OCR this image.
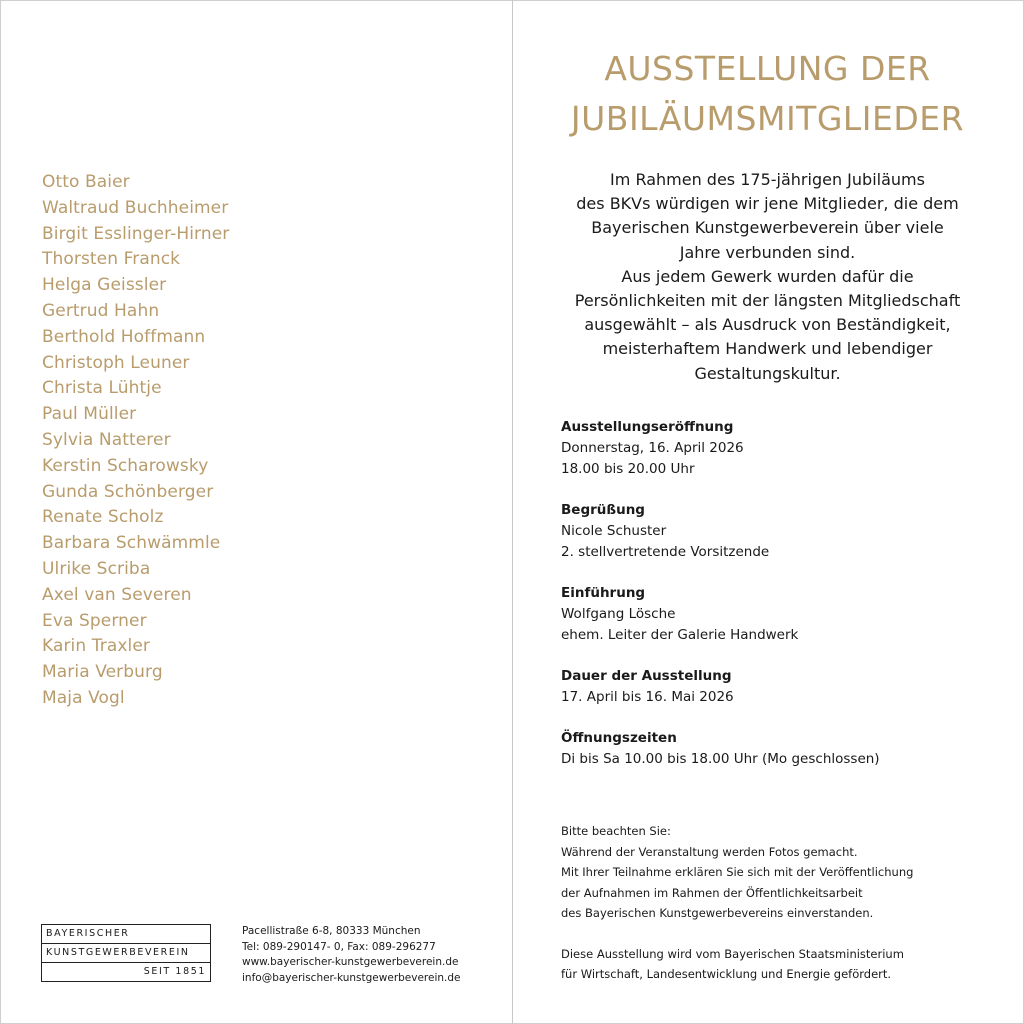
Otto Baier
Waltraud Buchheimer
Birgit Esslinger-Hirner
Thorsten Franck
Helga Geissler
Gertrud Hahn
Berthold Hoffmann
Christoph Leuner
Christa Lühtje
Paul Müller
Sylvia Natterer
Kerstin Scharowsky
Gunda Schönberger
Renate Scholz
Barbara Schwämmle
Ulrike Scriba
Axel van Severen
Eva Sperner
Karin Traxler
Maria Verburg
Maja Vogl
BAYERISCHER
KUNSTGEWERBEVEREIN
SEIT 1851
Pacellistraße 6-8, 80333 München
Tel: 089-290147- 0, Fax: 089-296277
www.bayerischer-kunstgewerbeverein.de
info@bayerischer-kunstgewerbeverein.de
AUSSTELLUNG DER
JUBILÄUMSMITGLIEDER
Im Rahmen des 175-jährigen Jubiläums
des BKVs würdigen wir jene Mitglieder, die dem
Bayerischen Kunstgewerbeverein über viele
Jahre verbunden sind.
Aus jedem Gewerk wurden dafür die
Persönlichkeiten mit der längsten Mitgliedschaft
ausgewählt – als Ausdruck von Beständigkeit,
meisterhaftem Handwerk und lebendiger
Gestaltungskultur.
Ausstellungseröffnung
Donnerstag, 16. April 2026
18.00 bis 20.00 Uhr
Begrüßung
Nicole Schuster
2. stellvertretende Vorsitzende
Einführung
Wolfgang Lösche
ehem. Leiter der Galerie Handwerk
Dauer der Ausstellung
17. April bis 16. Mai 2026
Öffnungszeiten
Di bis Sa 10.00 bis 18.00 Uhr (Mo geschlossen)
Bitte beachten Sie:
Während der Veranstaltung werden Fotos gemacht.
Mit Ihrer Teilnahme erklären Sie sich mit der Veröffentlichung
der Aufnahmen im Rahmen der Öffentlichkeitsarbeit
des Bayerischen Kunstgewerbevereins einverstanden.
Diese Ausstellung wird vom Bayerischen Staatsministerium
für Wirtschaft, Landesentwicklung und Energie gefördert.
